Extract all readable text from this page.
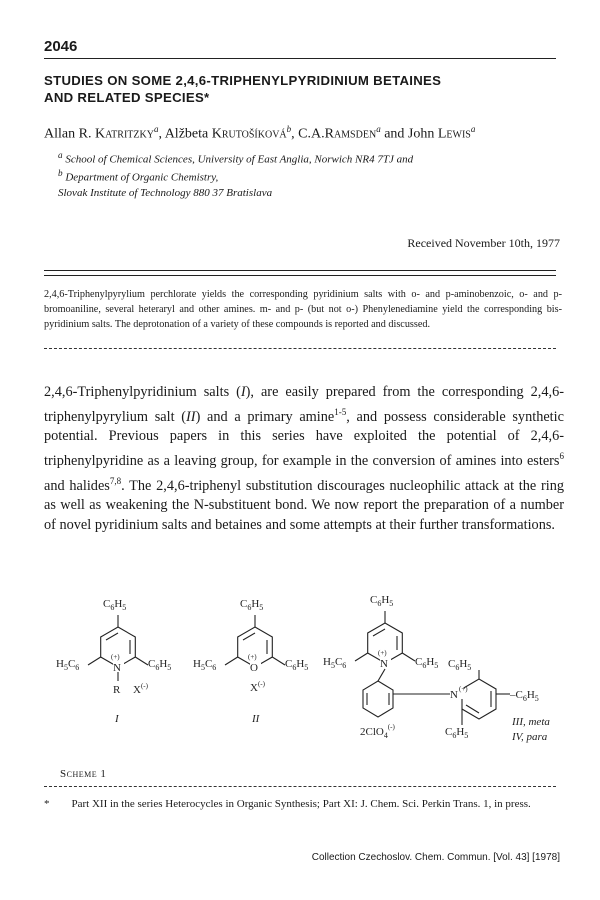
2046
STUDIES ON SOME 2,4,6-TRIPHENYLPYRIDINIUM BETAINES
AND RELATED SPECIES*
Allan R. Katritzky$^a$, Alžbeta Krutošíková$^b$, C.A.Ramsden$^a$ and John Lewis$^a$
$^a$ School of Chemical Sciences, University of East Anglia, Norwich NR4 7TJ and
$^b$ Department of Organic Chemistry,
Slovak Institute of Technology 880 37 Bratislava
Received November 10th, 1977
2,4,6-Triphenylpyrylium perchlorate yields the corresponding pyridinium salts with o- and p-aminobenzoic, o- and p-bromoaniline, several heteraryl and other amines. m- and p- (but not o-) Phenylenediamine yield the corresponding bis-pyridinium salts. The deprotonation of a variety of these compounds is reported and discussed.
2,4,6-Triphenylpyridinium salts (I), are easily prepared from the corresponding 2,4,6-triphenylpyrylium salt (II) and a primary amine$^{1-5}$, and possess considerable synthetic potential. Previous papers in this series have exploited the potential of 2,4,6-triphenylpyridine as a leaving group, for example in the conversion of amines into esters$^6$ and halides$^{7,8}$. The 2,4,6-triphenyl substitution discourages nucleophilic attack at the ring as well as weakening the N-substituent bond. We now report the preparation of a number of novel pyridinium salts and betaines and some attempts at their further transformations.
$C_6H_5$
$H_5C_6$	$C_6H_5$
N
(+)
R X(-)
I
$C_6H_5$
$H_5C_6$	$C_6H_5$
O
(+)
X(-)
II
$C_6H_5$
$H_5C_6$	$C_6H_5$
N
(+)
N (+)
$C_6H_5$
$-C_6H_5$
$C_6H_5$
2ClO$_4$(-)	III, meta
IV, para
Scheme 1
* Part XII in the series Heterocycles in Organic Synthesis; Part XI: J. Chem. Sci. Perkin Trans. 1, in press.
Collection Czechoslov. Chem. Commun. [Vol. 43] [1978]
